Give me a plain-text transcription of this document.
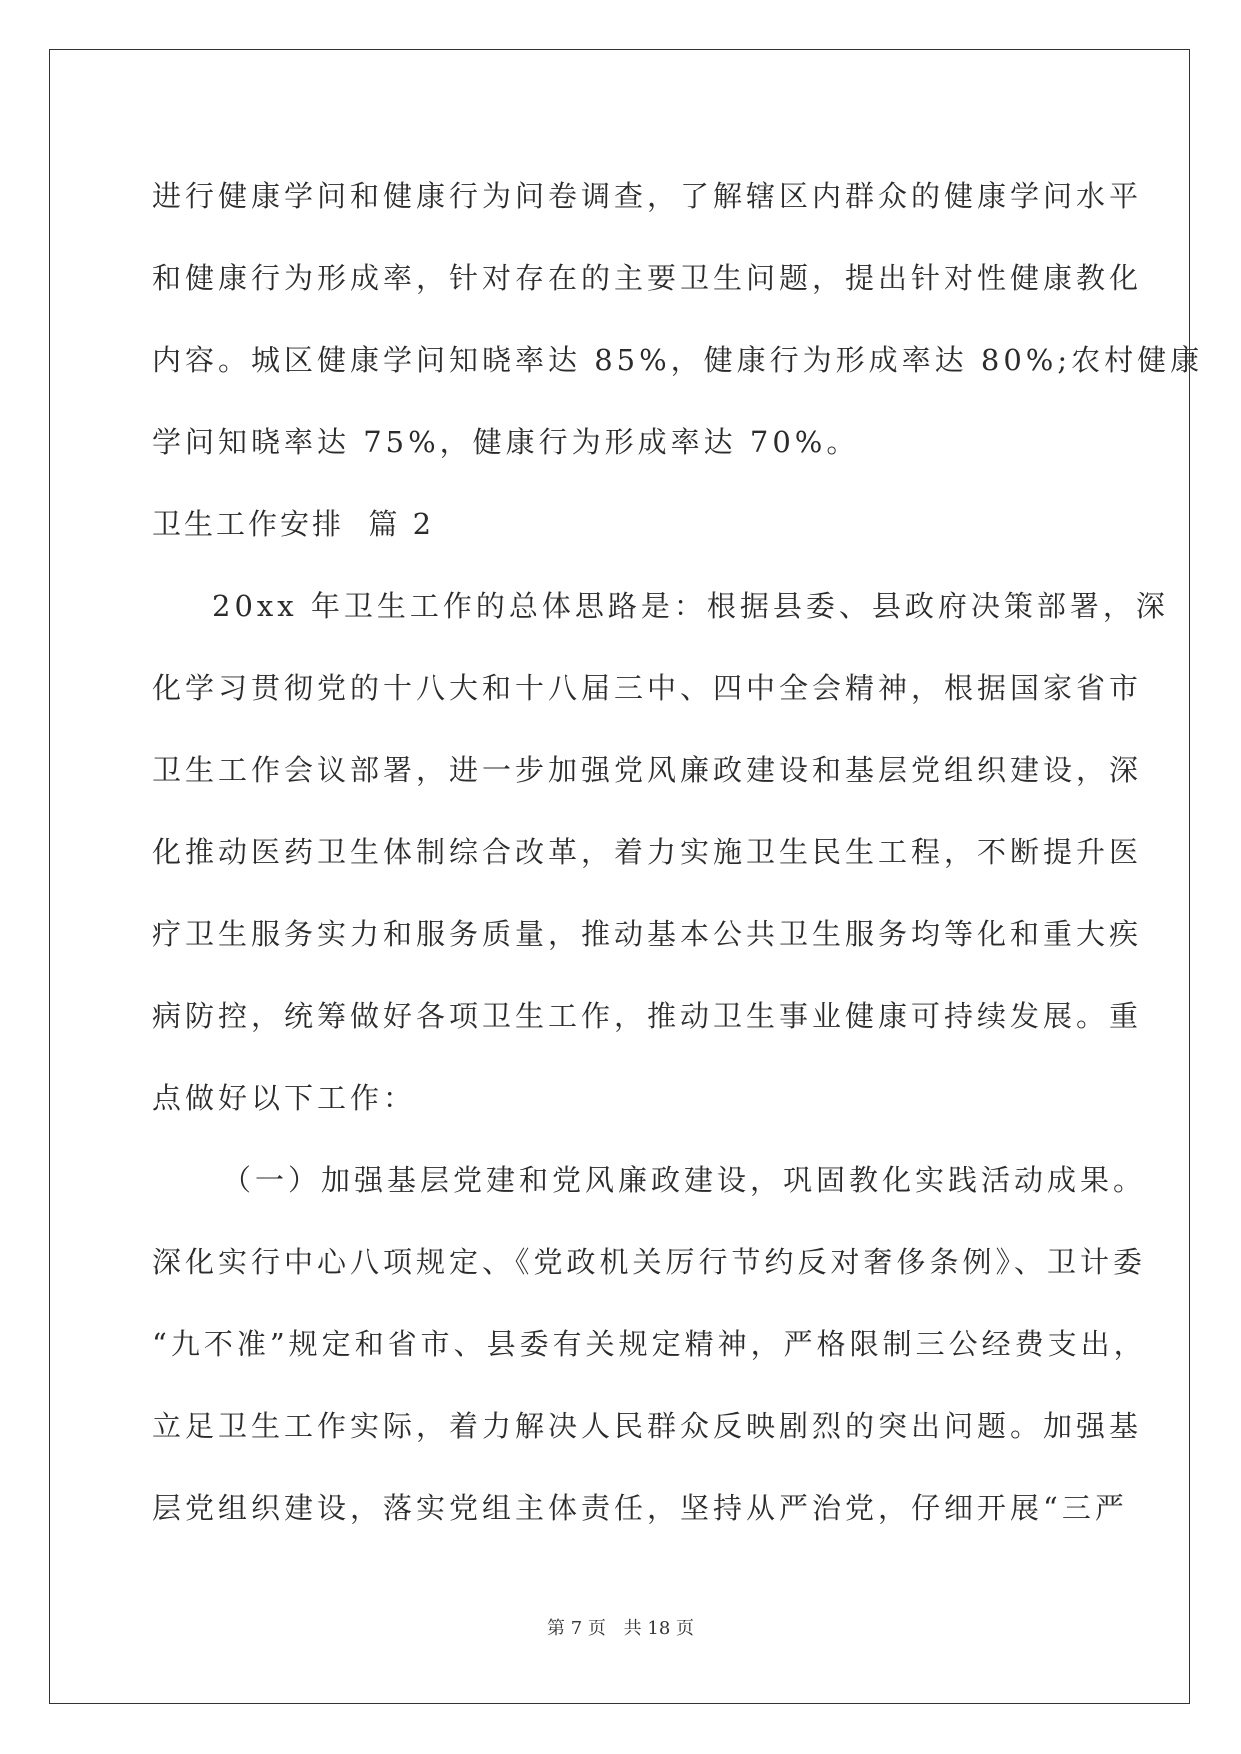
进行健康学问和健康行为问卷调查，了解辖区内群众的健康学问水平
和健康行为形成率，针对存在的主要卫生问题，提出针对性健康教化
内容。城区健康学问知晓率达 85%，健康行为形成率达 80%;农村健康
学问知晓率达 75%，健康行为形成率达 70%。
卫生工作安排  篇 2
20xx 年卫生工作的总体思路是：根据县委、县政府决策部署，深
化学习贯彻党的十八大和十八届三中、四中全会精神，根据国家省市
卫生工作会议部署，进一步加强党风廉政建设和基层党组织建设，深
化推动医药卫生体制综合改革，着力实施卫生民生工程，不断提升医
疗卫生服务实力和服务质量，推动基本公共卫生服务均等化和重大疾
病防控，统筹做好各项卫生工作，推动卫生事业健康可持续发展。重
点做好以下工作：
（一）加强基层党建和党风廉政建设，巩固教化实践活动成果。
深化实行中心八项规定、《党政机关厉行节约反对奢侈条例》、卫计委
“九不准”规定和省市、县委有关规定精神，严格限制三公经费支出，
立足卫生工作实际，着力解决人民群众反映剧烈的突出问题。加强基
层党组织建设，落实党组主体责任，坚持从严治党，仔细开展“三严
第 7 页 共 18 页
